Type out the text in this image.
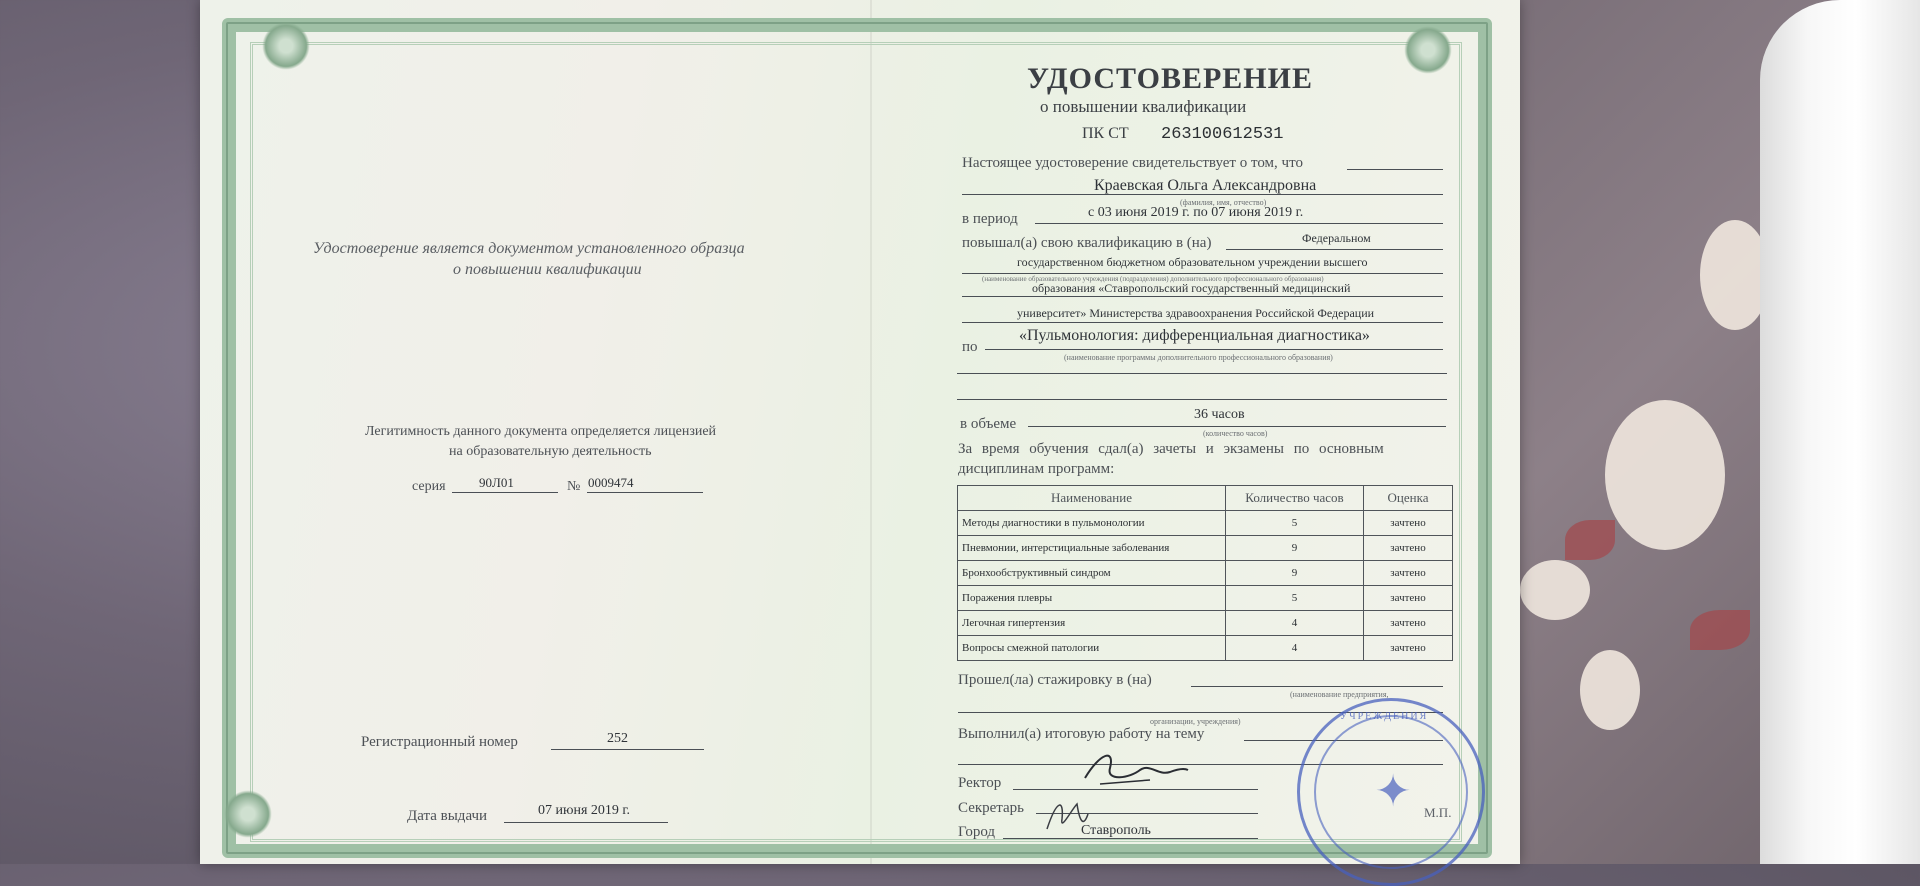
Удостоверение является документом установленного образца
о повышении квалификации
Легитимность данного документа определяется лицензией
на образовательную деятельность
серия	90Л01	№ 0009474
Регистрационный номер	252
Дата выдачи	07 июня 2019 г.
УДОСТОВЕРЕНИЕ
о повышении квалификации
ПК СТ 263100612531
Настоящее удостоверение свидетельствует о том, что
Краевская Ольга Александровна
(фамилия, имя, отчество)
в период	с 03 июня 2019 г. по 07 июня 2019 г.
повышал(а) свою квалификацию в (на)	Федеральном
государственном бюджетном образовательном учреждении высшего
(наименование образовательного учреждения (подразделения) дополнительного профессионального образования)
образования «Ставропольский государственный медицинский
университет» Министерства здравоохранения Российской Федерации
по
«Пульмонология: дифференциальная диагностика»
(наименование программы дополнительного профессионального образования)
в объеме
36 часов
(количество часов)
За время обучения сдал(а) зачеты и экзамены по основным
дисциплинам программ:
Наименование	Количество часов	Оценка
Методы диагностики в пульмонологии	5	зачтено
Пневмонии, интерстициальные заболевания	9	зачтено
Бронхообструктивный синдром	9	зачтено
Поражения плевры	5	зачтено
Легочная гипертензия	4	зачтено
Вопросы смежной патологии	4	зачтено
Прошел(ла) стажировку в (на)
(наименование предприятия,
организации, учреждения)
Выполнил(а) итоговую работу на тему
Ректор
Секретарь
Город	Ставрополь
УЧРЕЖДЕНИЯ
✦ М.П.
